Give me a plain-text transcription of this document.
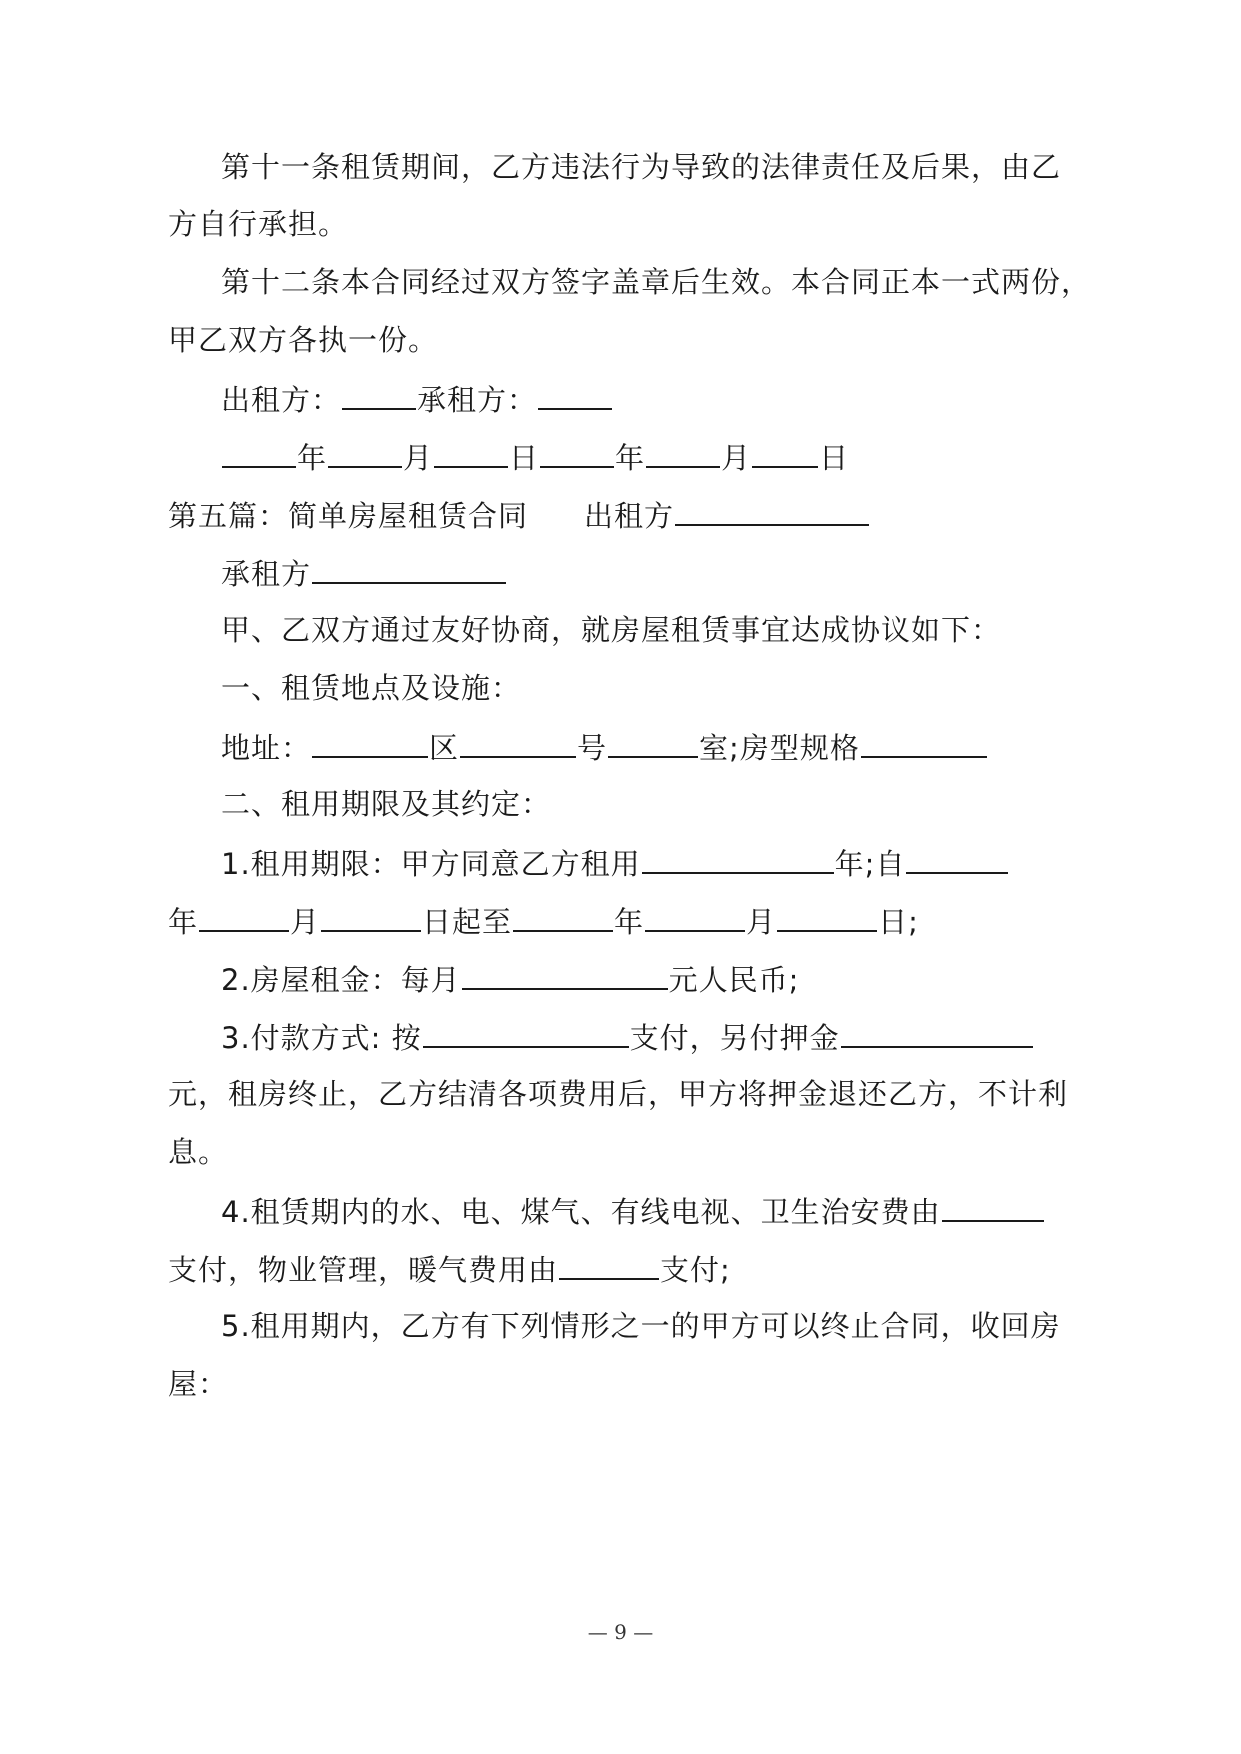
第十一条租赁期间，乙方违法行为导致的法律责任及后果，由乙
方自行承担。
第十二条本合同经过双方签字盖章后生效。本合同正本一式两份，
甲乙双方各执一份。
出租方：	承租方：
年	月	日	年	月 日
第五篇：简单房屋租赁合同 出租方
承租方
甲、乙双方通过友好协商，就房屋租赁事宜达成协议如下：
一、租赁地点及设施：
地址：	区	号	室;房型规格
二、租用期限及其约定：
1.租用期限：甲方同意乙方租用	年;自
年	月	日起至	年	月	日;
2.房屋租金：每月	元人民币;
3.付款方式: 按	支付，另付押金
元，租房终止，乙方结清各项费用后，甲方将押金退还乙方，不计利
息。
4.租赁期内的水、电、煤气、有线电视、卫生治安费由
支付，物业管理，暖气费用由	支付;
5.租用期内，乙方有下列情形之一的甲方可以终止合同，收回房
屋：
— 9 —
